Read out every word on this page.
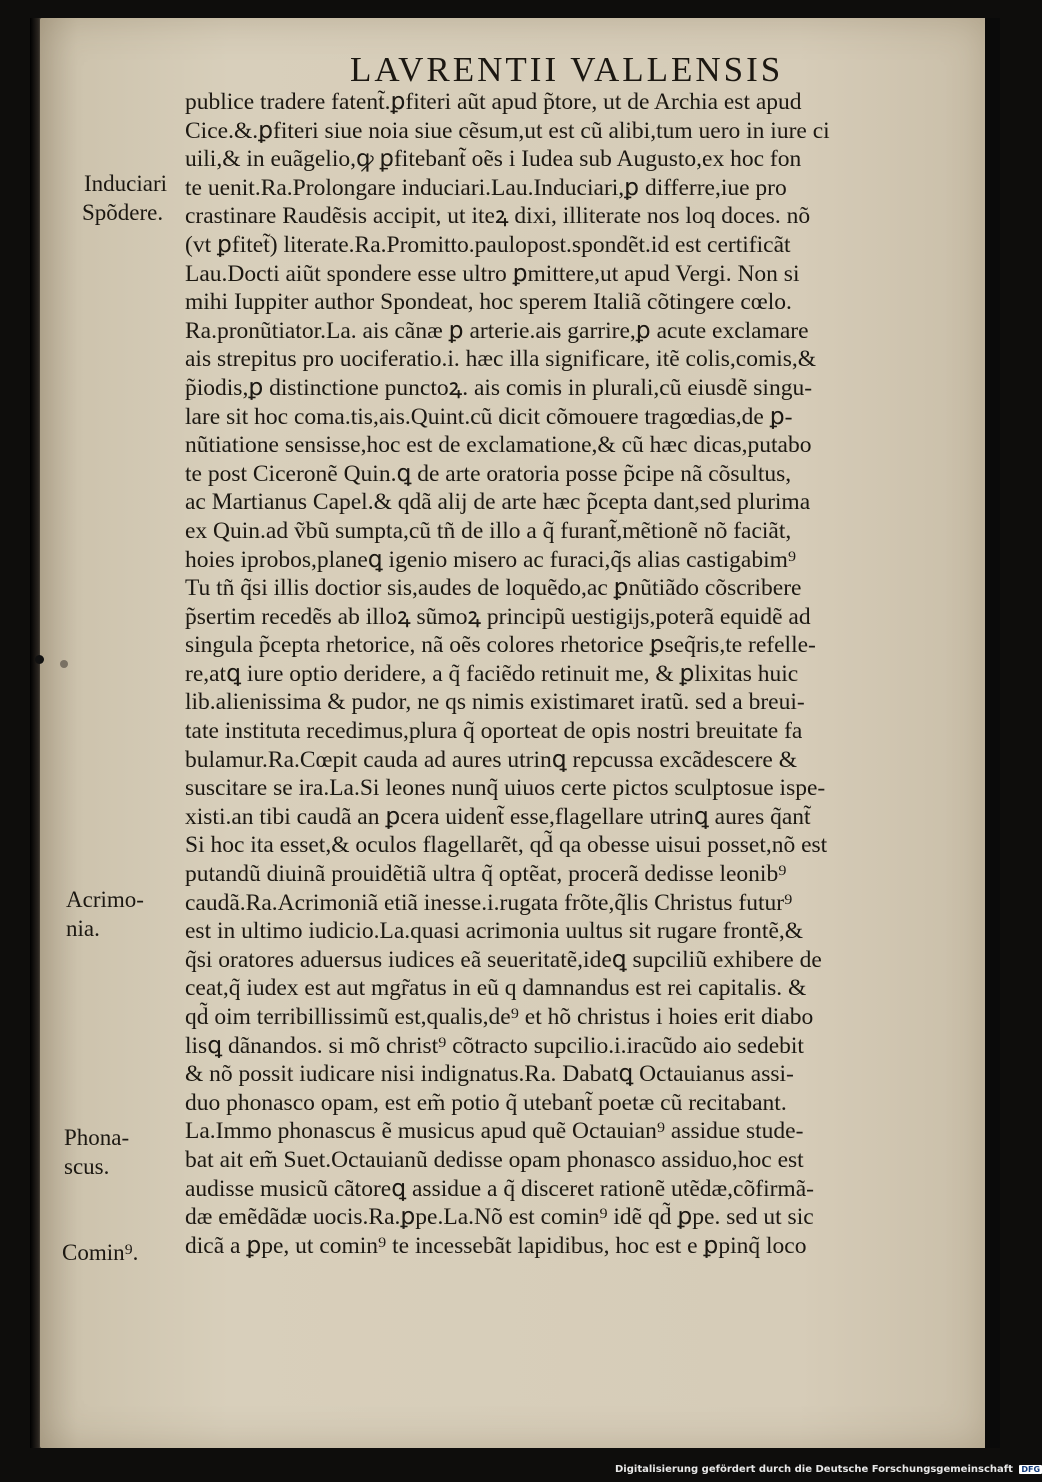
LAVRENTII VALLENSIS
publice tradere fatent̃.ꝑfiteri aũt apud p̃tore, ut de Archia est apud
Cice.&.ꝑfiteri siue noia siue cẽsum,ut est cũ alibi,tum uero in iure ci
uili,& in euãgelio,ꝙ ꝑfitebant̃ oẽs i Iudea sub Augusto,ex hoc fon
te uenit.Ra.Prolongare induciari.Lau.Induciari,ꝑ differre,iue pro
crastinare Raudẽsis accipit, ut iteꝝ dixi, illiterate nos loq doces. nõ
(vt ꝑfitet̃) literate.Ra.Promitto.paulopost.spondẽt.id est certificãt
Lau.Docti aiũt spondere esse ultro ꝑmittere,ut apud Vergi. Non si
mihi Iuppiter author Spondeat, hoc sperem Italiã cõtingere cœlo.
Ra.pronũtiator.La. ais cãnæ ꝑ arterie.ais garrire,ꝑ acute exclamare
ais strepitus pro uociferatio.i. hæc illa significare, itẽ colis,comis,&
p̃iodis,ꝑ distinctione punctoꝝ. ais comis in plurali,cũ eiusdẽ singu-
lare sit hoc coma.tis,ais.Quint.cũ dicit cõmouere tragœdias,de ꝑ-
nũtiatione sensisse,hoc est de exclamatione,& cũ hæc dicas,putabo
te post Ciceronẽ Quin.ꝗ de arte oratoria posse p̃cipe nã cõsultus,
ac Martianus Capel.& qdã alij de arte hæc p̃cepta dant,sed plurima
ex Quin.ad ṽbũ sumpta,cũ tñ de illo a q̃ furant̃,mẽtionẽ nõ faciãt,
hoies iprobos,planeꝗ igenio misero ac furaci,q̃s alias castigabim⁹
Tu tñ q̃si illis doctior sis,audes de loquẽdo,ac ꝑnũtiãdo cõscribere
p̃sertim recedẽs ab illoꝝ sũmoꝝ principũ uestigijs,poterã equidẽ ad
singula p̃cepta rhetorice, nã oẽs colores rhetorice ꝑseq̃ris,te refelle-
re,atꝗ iure optio deridere, a q̃ faciẽdo retinuit me, & ꝑlixitas huic
lib.alienissima & pudor, ne qs nimis existimaret iratũ. sed a breui-
tate instituta recedimus,plura q̃ oporteat de opis nostri breuitate fa
bulamur.Ra.Cœpit cauda ad aures utrinꝗ repcussa excãdescere &
suscitare se ira.La.Si leones nunq̃ uiuos certe pictos sculptosue ispe-
xisti.an tibi caudã an ꝑcera uident̃ esse,flagellare utrinꝗ aures q̃ant̃
Si hoc ita esset,& oculos flagellarẽt, qd̃ qa obesse uisui posset,nõ est
putandũ diuinã prouidẽtiã ultra q̃ optẽat, procerã dedisse leonib⁹
caudã.Ra.Acrimoniã etiã inesse.i.rugata frõte,q̃lis Christus futur⁹
est in ultimo iudicio.La.quasi acrimonia uultus sit rugare frontẽ,&
q̃si oratores aduersus iudices eã seueritatẽ,ideꝗ supciliũ exhibere de
ceat,q̃ iudex est aut mgr̃atus in eũ q damnandus est rei capitalis. &
qd̃ oim terribillissimũ est,qualis,de⁹ et hõ christus i hoies erit diabo
lisꝗ dãnandos. si mõ christ⁹ cõtracto supcilio.i.iracũdo aio sedebit
& nõ possit iudicare nisi indignatus.Ra. Dabatꝗ Octauianus assi-
duo phonasco opam, est em̃ potio q̃ utebant̃ poetæ cũ recitabant.
La.Immo phonascus ẽ musicus apud quẽ Octauian⁹ assidue stude-
bat ait em̃ Suet.Octauianũ dedisse opam phonasco assiduo,hoc est
audisse musicũ cãtoreꝗ assidue a q̃ disceret rationẽ utẽdæ,cõfirmã-
dæ emẽdãdæ uocis.Ra.ꝑpe.La.Nõ est comin⁹ idẽ qd̃ ꝑpe. sed ut sic
dicã a ꝑpe, ut comin⁹ te incessebãt lapidibus, hoc est e ꝑpinq̃ loco
Induciari
Spõdere.
Acrimo-
nia.
Phona-
scus.
Comin⁹.
Digitalisierung gefördert durch die Deutsche Forschungsgemeinschaft DFG
